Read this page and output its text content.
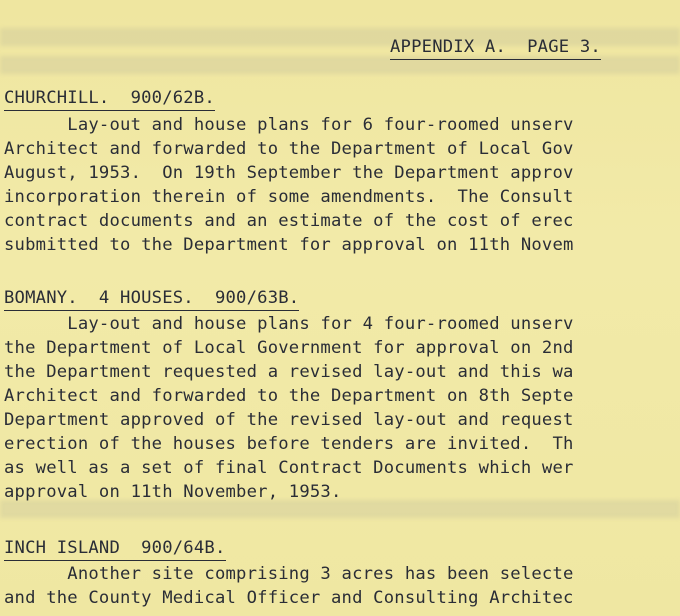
APPENDIX A.  PAGE 3.
CHURCHILL.  900/62B.
Lay-out and house plans for 6 four-roomed unserv
Architect and forwarded to the Department of Local Gov
August, 1953.  On 19th September the Department approv
incorporation therein of some amendments.  The Consult
contract documents and an estimate of the cost of erec
submitted to the Department for approval on 11th Novem
BOMANY.  4 HOUSES.  900/63B.
Lay-out and house plans for 4 four-roomed unserv
the Department of Local Government for approval on 2nd
the Department requested a revised lay-out and this wa
Architect and forwarded to the Department on 8th Septe
Department approved of the revised lay-out and request
erection of the houses before tenders are invited.  Th
as well as a set of final Contract Documents which wer
approval on 11th November, 1953.
INCH ISLAND  900/64B.
Another site comprising 3 acres has been selecte
and the County Medical Officer and Consulting Architec
